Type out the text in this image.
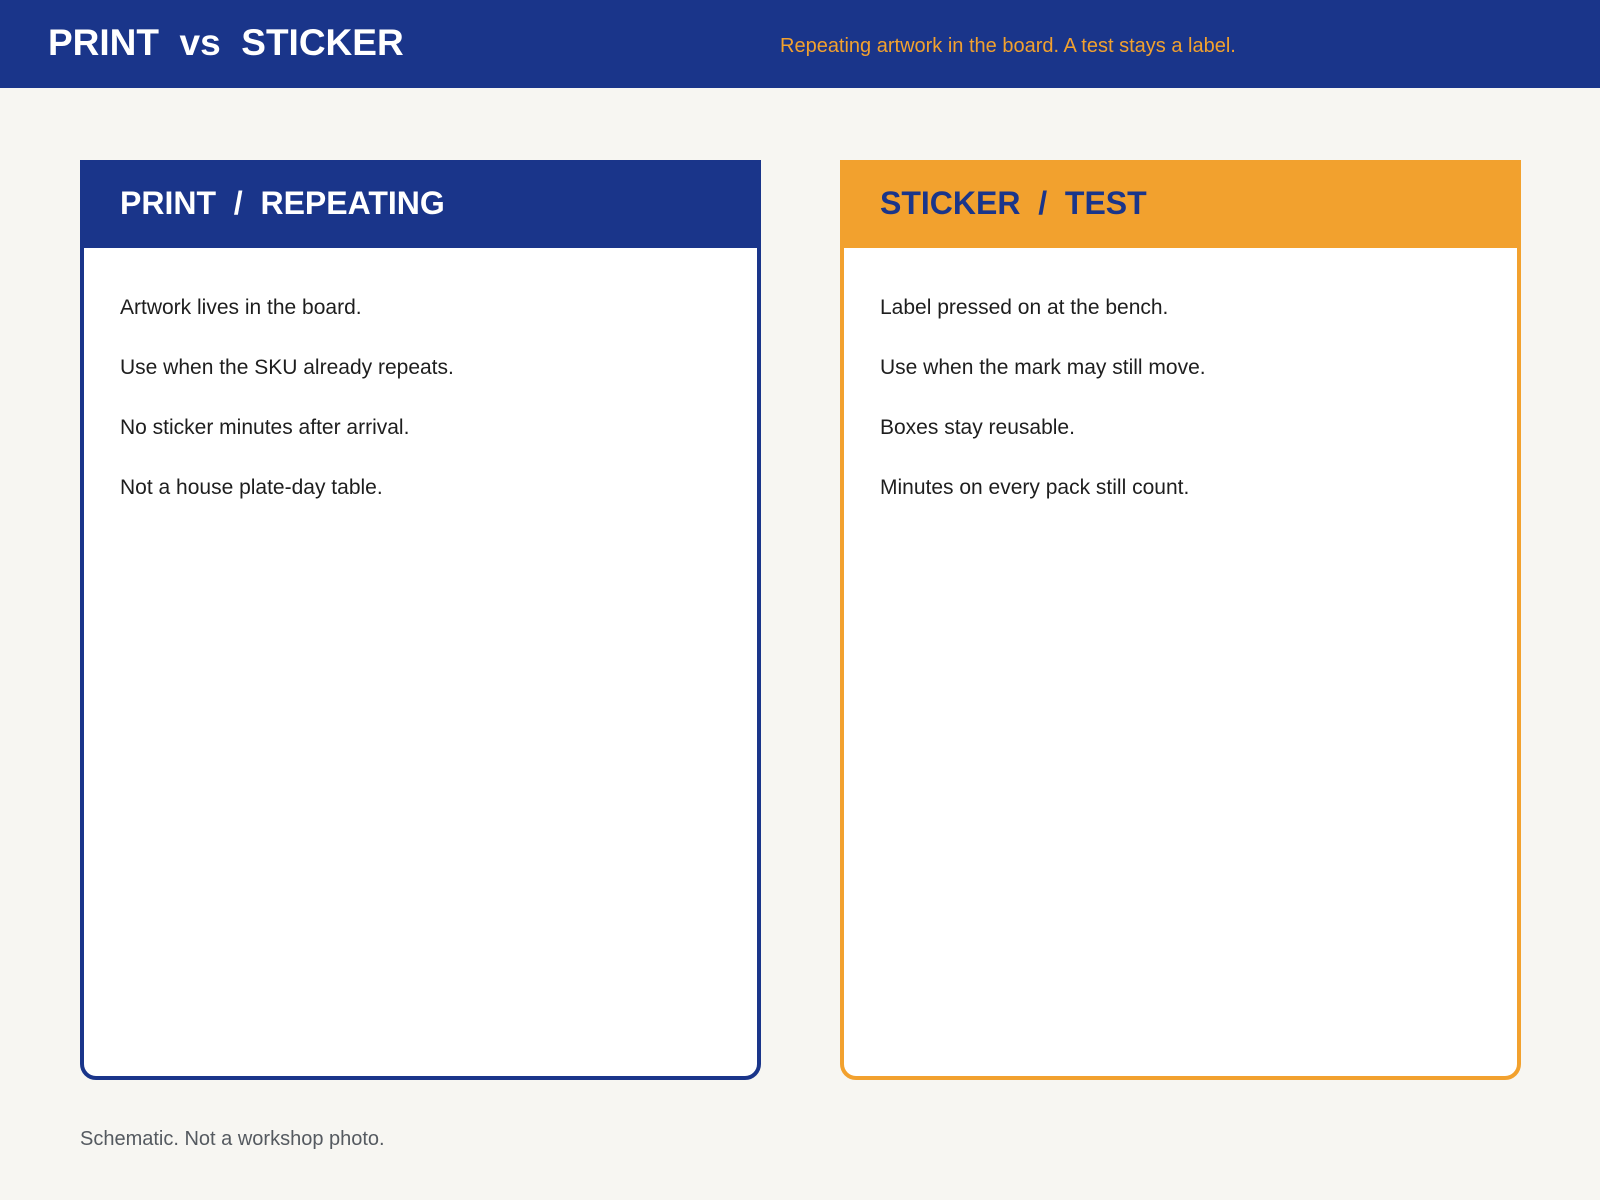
PRINT  vs  STICKER	Repeating artwork in the board. A test stays a label.
PRINT  /  REPEATING
Artwork lives in the board.
Use when the SKU already repeats.
No sticker minutes after arrival.
Not a house plate-day table.
STICKER  /  TEST
Label pressed on at the bench.
Use when the mark may still move.
Boxes stay reusable.
Minutes on every pack still count.
Schematic. Not a workshop photo.
